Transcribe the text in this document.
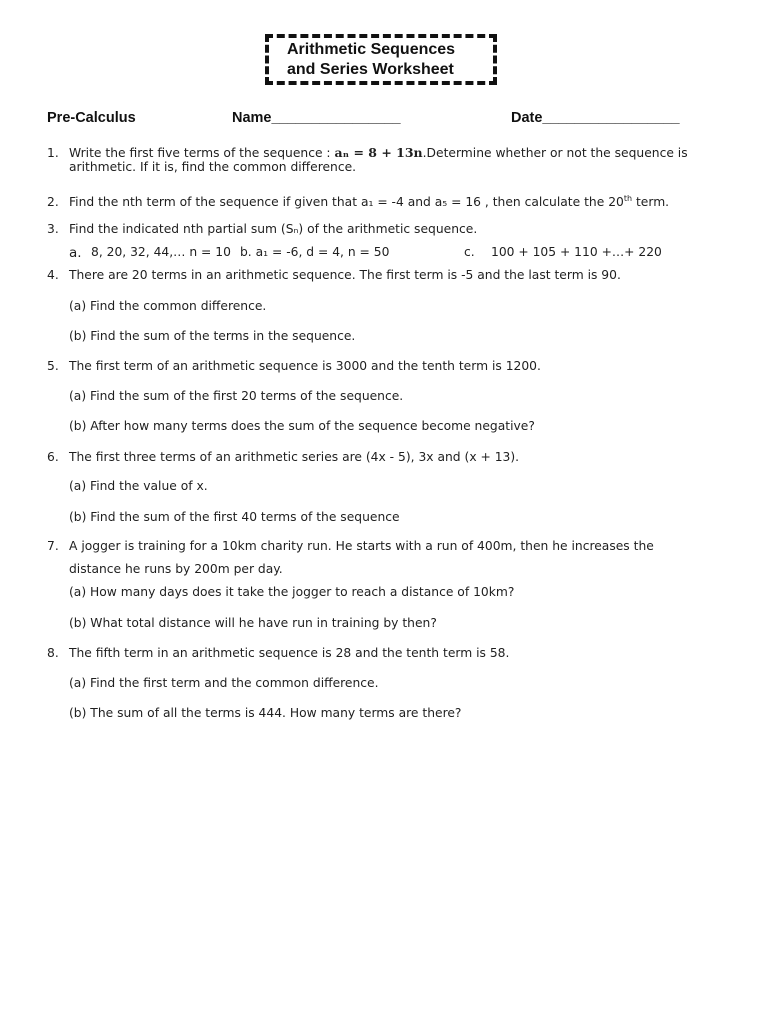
Arithmetic Sequences
and Series Worksheet
Pre-Calculus	Name________________	Date_________________
1. Write the first five terms of the sequence : aₙ = 8 + 13n.Determine whether or not the sequence is
arithmetic. If it is, find the common difference.
2. Find the nth term of the sequence if given that a₁ = -4 and a₅ = 16 , then calculate the 20th term.
3. Find the indicated nth partial sum (Sₙ) of the arithmetic sequence.
a. 8, 20, 32, 44,… n = 10 b. a₁ = -6, d = 4, n = 50	c. 100 + 105 + 110 +…+ 220
4. There are 20 terms in an arithmetic sequence. The first term is -5 and the last term is 90.
(a) Find the common difference.
(b) Find the sum of the terms in the sequence.
5. The first term of an arithmetic sequence is 3000 and the tenth term is 1200.
(a) Find the sum of the first 20 terms of the sequence.
(b) After how many terms does the sum of the sequence become negative?
6. The first three terms of an arithmetic series are (4x - 5), 3x and (x + 13).
(a) Find the value of x.
(b) Find the sum of the first 40 terms of the sequence
7. A jogger is training for a 10km charity run. He starts with a run of 400m, then he increases the
distance he runs by 200m per day.
(a) How many days does it take the jogger to reach a distance of 10km?
(b) What total distance will he have run in training by then?
8. The fifth term in an arithmetic sequence is 28 and the tenth term is 58.
(a) Find the first term and the common difference.
(b) The sum of all the terms is 444. How many terms are there?
